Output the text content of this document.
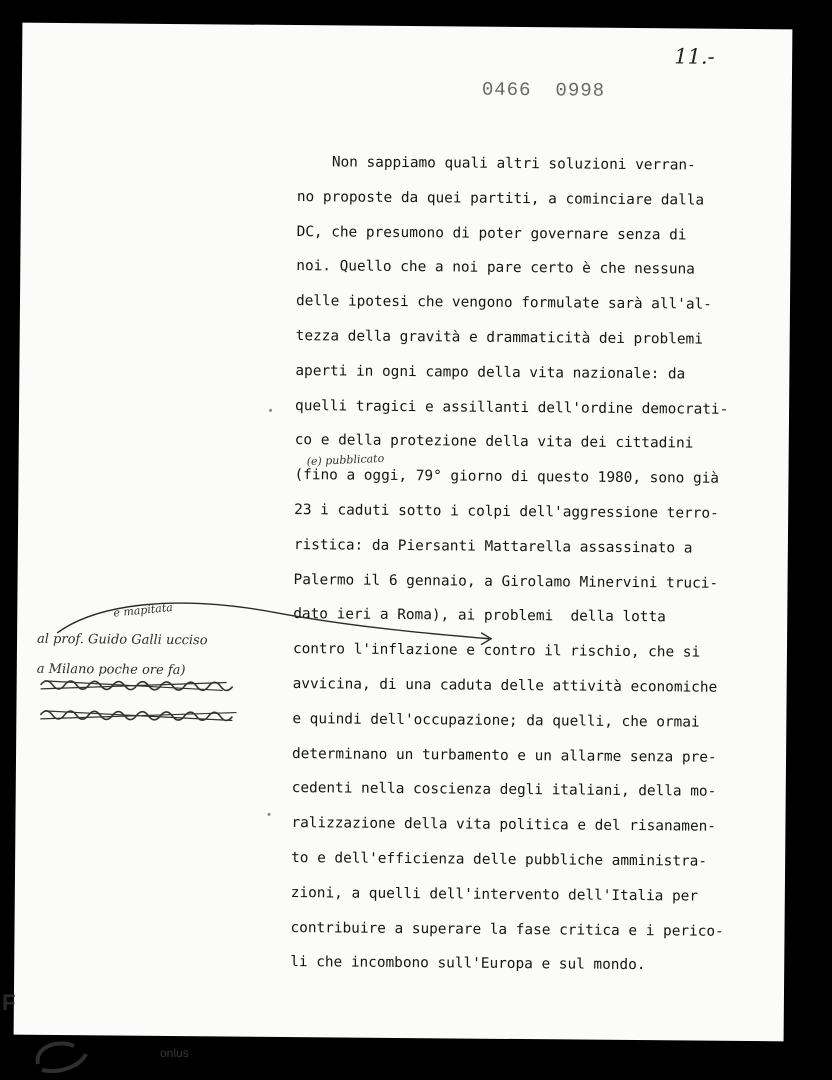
11.-
0466 0998
Non sappiamo quali altri soluzioni verran-
no proposte da quei partiti, a cominciare dalla
DC, che presumono di poter governare senza di
noi. Quello che a noi pare certo è che nessuna
delle ipotesi che vengono formulate sarà all'al-
tezza della gravità e drammaticità dei problemi
aperti in ogni campo della vita nazionale: da
quelli tragici e assillanti dell'ordine democrati-
co e della protezione della vita dei cittadini
(fino a oggi, 79° giorno di questo 1980, sono già
23 i caduti sotto i colpi dell'aggressione terro-
ristica: da Piersanti Mattarella assassinato a
Palermo il 6 gennaio, a Girolamo Minervini truci-
dato ieri a Roma), ai problemi  della lotta
contro l'inflazione e contro il rischio, che si
avvicina, di una caduta delle attività economiche
e quindi dell'occupazione; da quelli, che ormai
determinano un turbamento e un allarme senza pre-
cedenti nella coscienza degli italiani, della mo-
ralizzazione della vita politica e del risanamen-
to e dell'efficienza delle pubbliche amministra-
zioni, a quelli dell'intervento dell'Italia per
contribuire a superare la fase critica e i perico-
li che incombono sull'Europa e sul mondo.
(e) pubblicato
e mapitata
al prof. Guido Galli ucciso
a Milano poche ore fa)
F
onlus
